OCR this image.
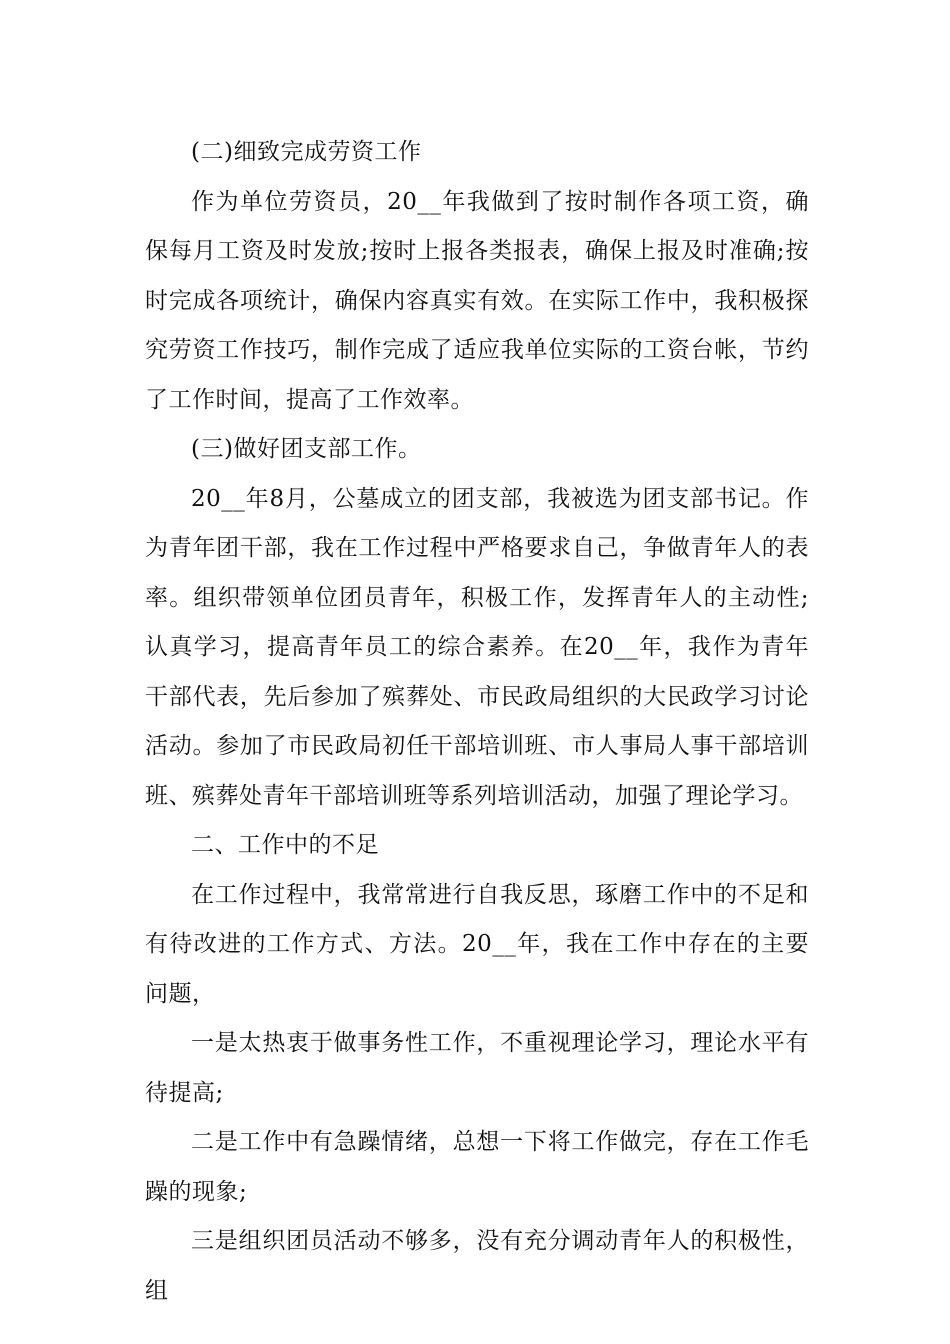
(二)细致完成劳资工作

作为单位劳资员，20__年我做到了按时制作各项工资，确保每月工资及时发放;按时上报各类报表，确保上报及时准确;按时完成各项统计，确保内容真实有效。在实际工作中，我积极探究劳资工作技巧，制作完成了适应我单位实际的工资台帐，节约了工作时间，提高了工作效率。

(三)做好团支部工作。

20__年8月，公墓成立的团支部，我被选为团支部书记。作为青年团干部，我在工作过程中严格要求自己，争做青年人的表率。组织带领单位团员青年，积极工作，发挥青年人的主动性;认真学习，提高青年员工的综合素养。在20__年，我作为青年干部代表，先后参加了殡葬处、市民政局组织的大民政学习讨论活动。参加了市民政局初任干部培训班、市人事局人事干部培训班、殡葬处青年干部培训班等系列培训活动，加强了理论学习。

二、工作中的不足

在工作过程中，我常常进行自我反思，琢磨工作中的不足和有待改进的工作方式、方法。20__年，我在工作中存在的主要问题，

一是太热衷于做事务性工作，不重视理论学习，理论水平有待提高;

二是工作中有急躁情绪，总想一下将工作做完，存在工作毛躁的现象;

三是组织团员活动不够多，没有充分调动青年人的积极性，组
